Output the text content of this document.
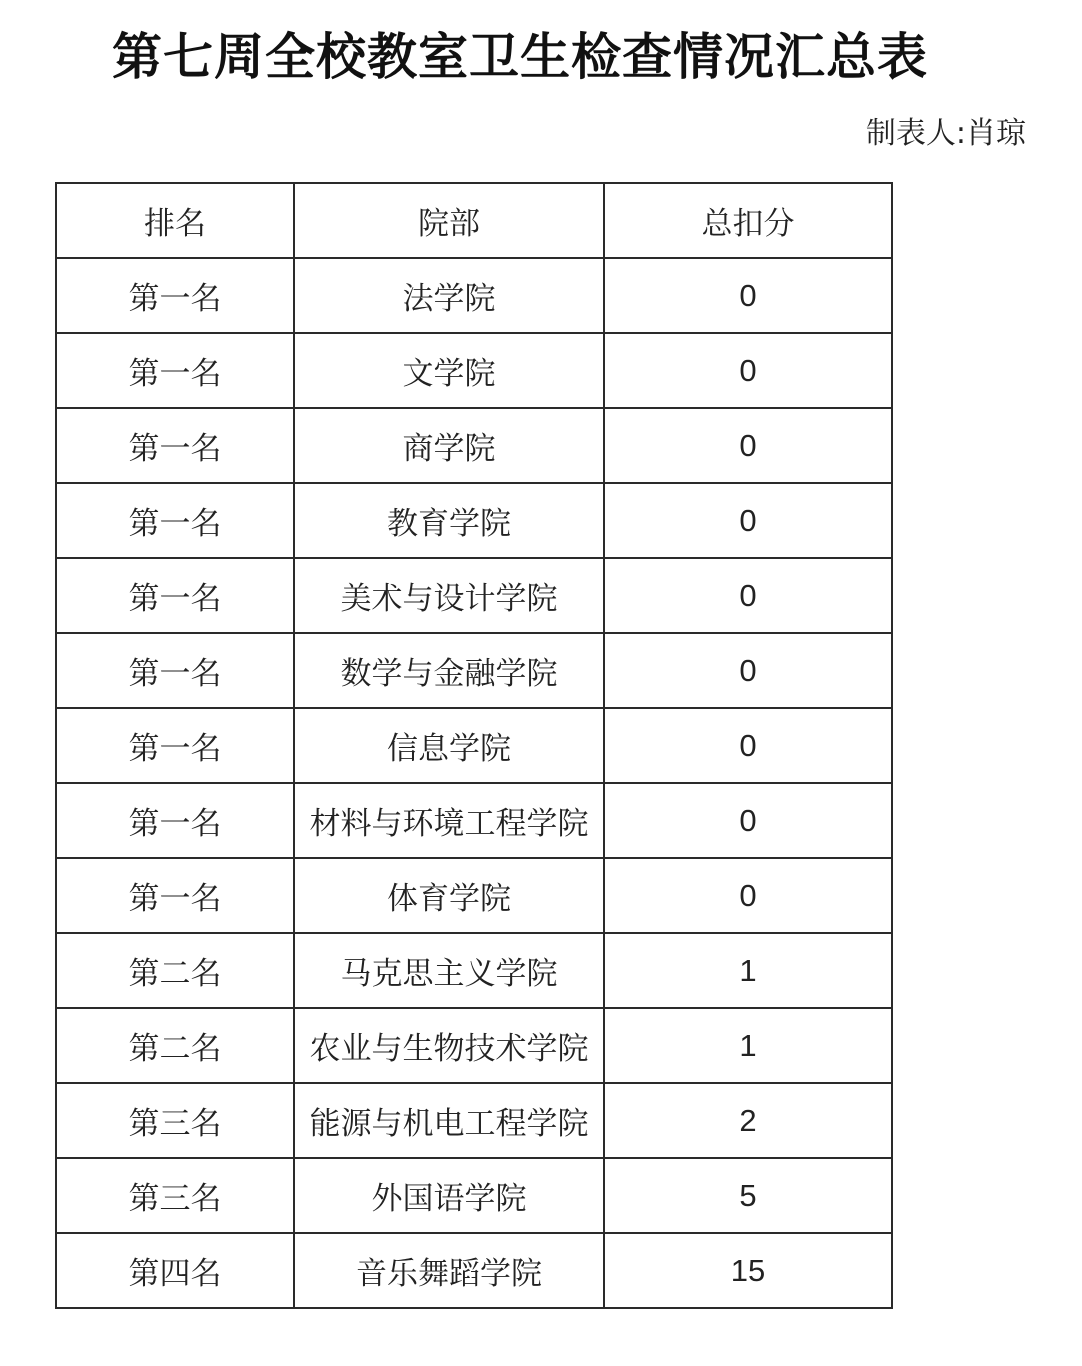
第七周全校教室卫生检查情况汇总表
制表人:肖琼
排名	院部	总扣分
第一名	法学院	0
第一名	文学院	0
第一名	商学院	0
第一名	教育学院	0
第一名	美术与设计学院	0
第一名	数学与金融学院	0
第一名	信息学院	0
第一名	材料与环境工程学院	0
第一名	体育学院	0
第二名	马克思主义学院	1
第二名	农业与生物技术学院	1
第三名	能源与机电工程学院	2
第三名	外国语学院	5
第四名	音乐舞蹈学院	15
